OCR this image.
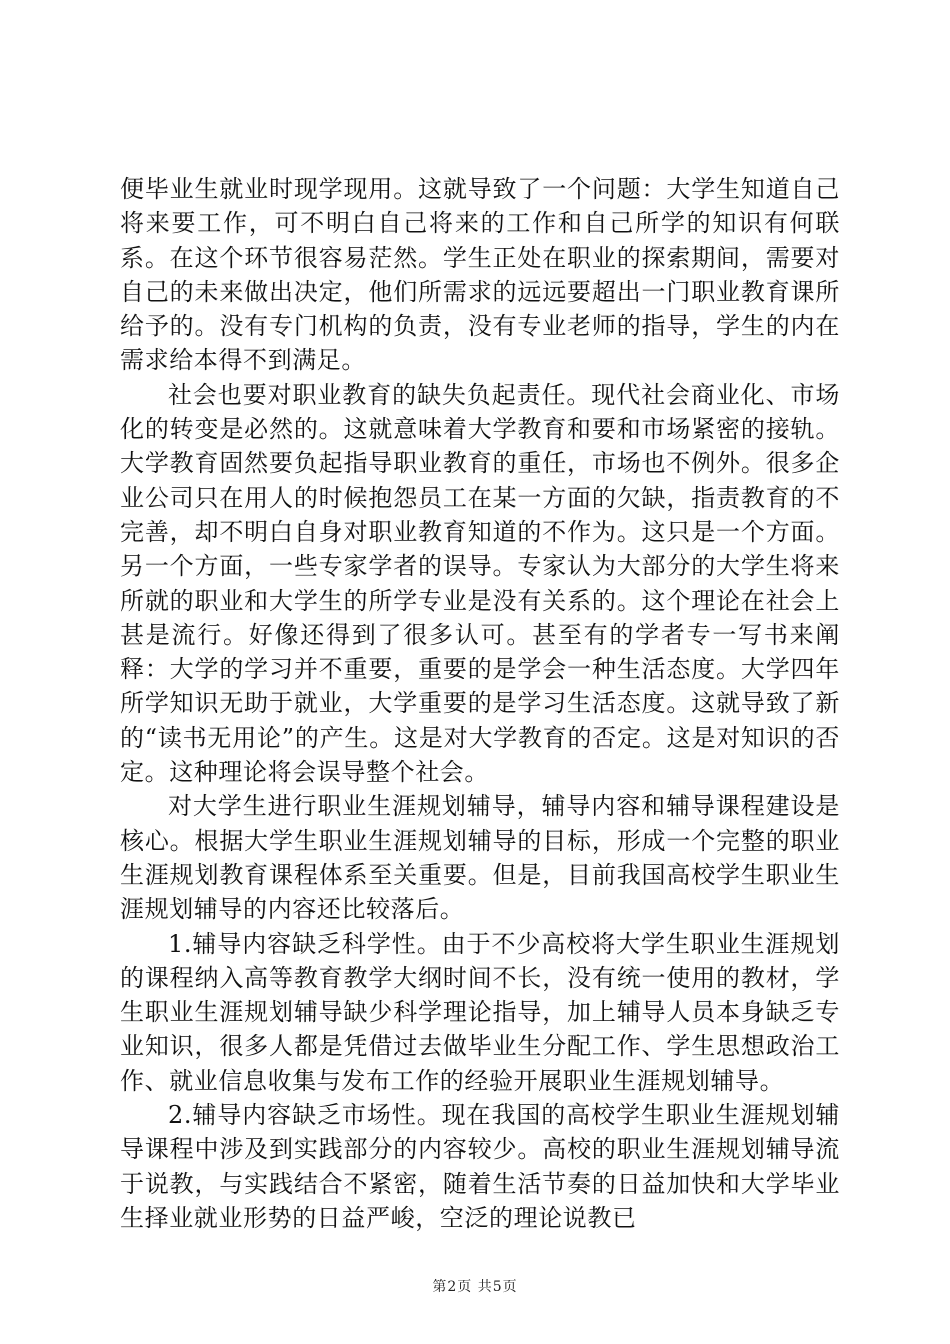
便毕业生就业时现学现用。这就导致了一个问题：大学生知道自己将来要工作，可不明白自己将来的工作和自己所学的知识有何联系。在这个环节很容易茫然。学生正处在职业的探索期间，需要对自己的未来做出决定，他们所需求的远远要超出一门职业教育课所给予的。没有专门机构的负责，没有专业老师的指导，学生的内在需求给本得不到满足。

社会也要对职业教育的缺失负起责任。现代社会商业化、市场化的转变是必然的。这就意味着大学教育和要和市场紧密的接轨。大学教育固然要负起指导职业教育的重任，市场也不例外。很多企业公司只在用人的时候抱怨员工在某一方面的欠缺，指责教育的不完善，却不明白自身对职业教育知道的不作为。这只是一个方面。另一个方面，一些专家学者的误导。专家认为大部分的大学生将来所就的职业和大学生的所学专业是没有关系的。这个理论在社会上甚是流行。好像还得到了很多认可。甚至有的学者专一写书来阐释：大学的学习并不重要，重要的是学会一种生活态度。大学四年所学知识无助于就业，大学重要的是学习生活态度。这就导致了新的“读书无用论”的产生。这是对大学教育的否定。这是对知识的否定。这种理论将会误导整个社会。

对大学生进行职业生涯规划辅导，辅导内容和辅导课程建设是核心。根据大学生职业生涯规划辅导的目标，形成一个完整的职业生涯规划教育课程体系至关重要。但是，目前我国高校学生职业生涯规划辅导的内容还比较落后。

1.辅导内容缺乏科学性。由于不少高校将大学生职业生涯规划的课程纳入高等教育教学大纲时间不长，没有统一使用的教材，学生职业生涯规划辅导缺少科学理论指导，加上辅导人员本身缺乏专业知识，很多人都是凭借过去做毕业生分配工作、学生思想政治工作、就业信息收集与发布工作的经验开展职业生涯规划辅导。

2.辅导内容缺乏市场性。现在我国的高校学生职业生涯规划辅导课程中涉及到实践部分的内容较少。高校的职业生涯规划辅导流于说教，与实践结合不紧密，随着生活节奏的日益加快和大学毕业生择业就业形势的日益严峻，空泛的理论说教已

第2页 共5页
